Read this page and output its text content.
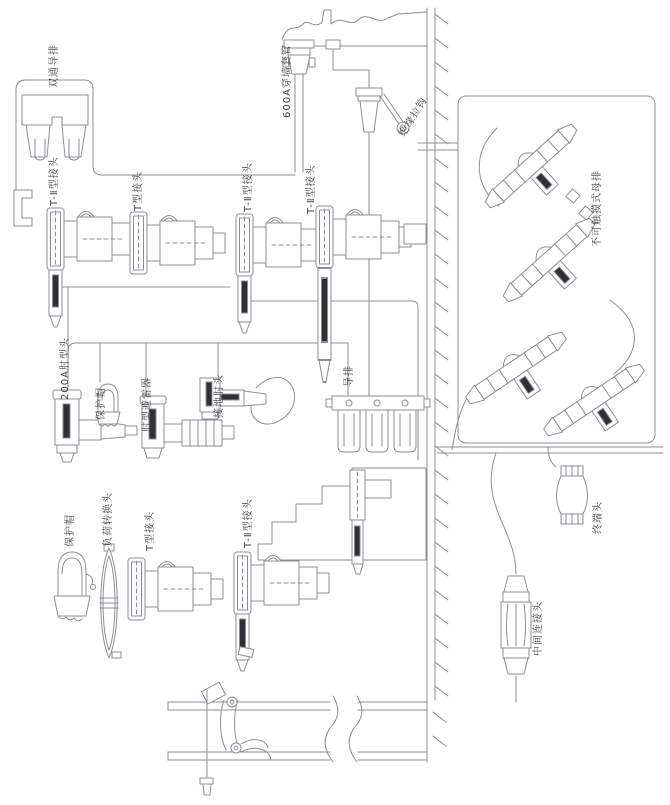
双通导排	600A穿墙套管	绝缘拉钩
T-Ⅱ型接头	T型接头	T-Ⅱ型接头	T-Ⅱ型接头
200A肘型头
保护帽	肘型避雷器	接地肘头	导排
不可触摸式母排
终端头
保护帽	负荷转换头	T型接头	T-Ⅱ型接头
中间连接头
